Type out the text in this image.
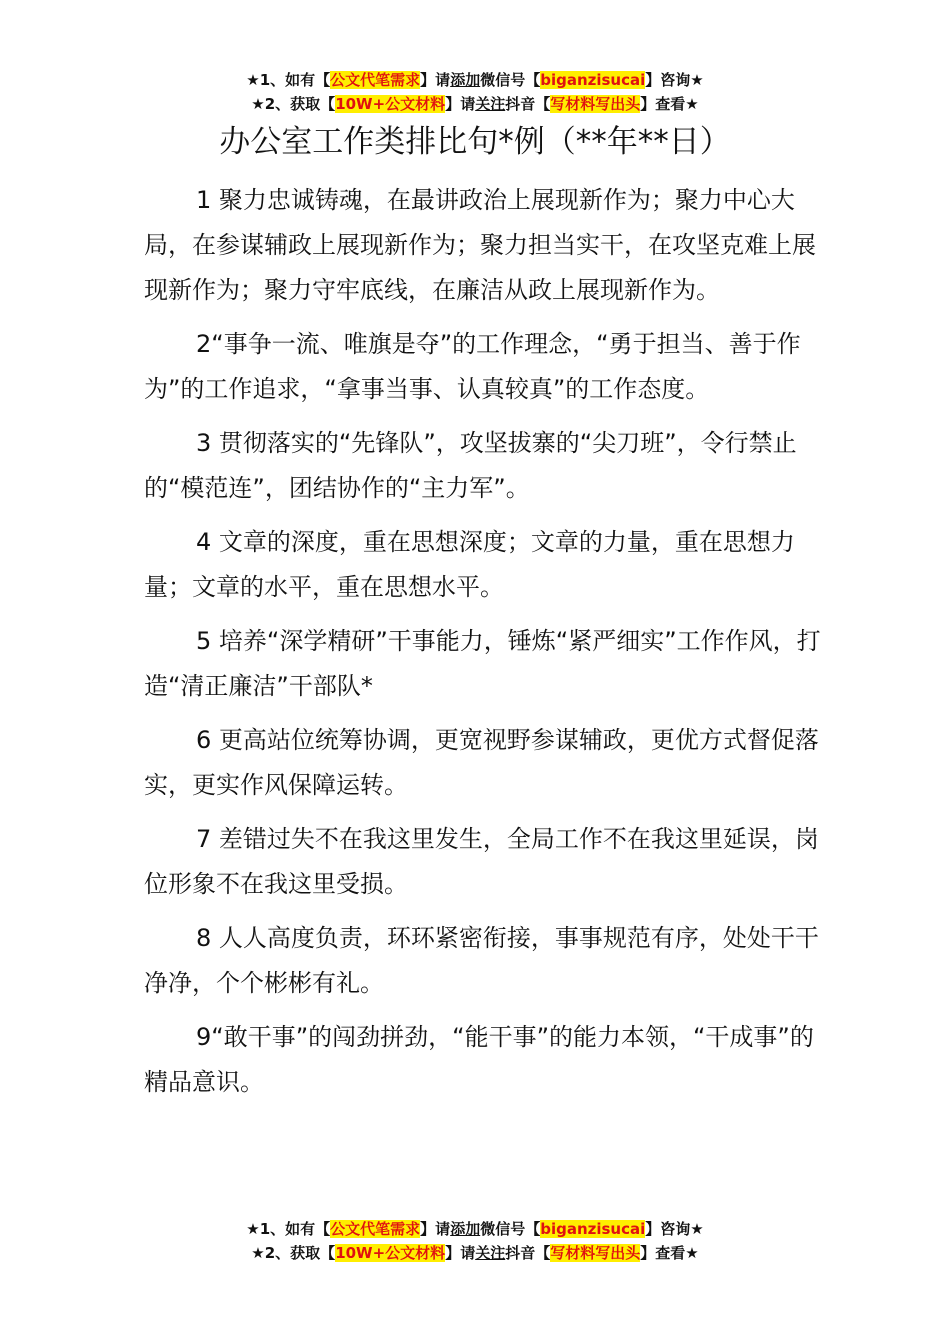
★1、如有【公文代笔需求】请添加微信号【biganzisucai】咨询★
★2、获取【10W+公文材料】请关注抖音【写材料写出头】查看★
办公室工作类排比句*例（**年**日）

1 聚力忠诚铸魂，在最讲政治上展现新作为；聚力中心大局，在参谋辅政上展现新作为；聚力担当实干，在攻坚克难上展现新作为；聚力守牢底线，在廉洁从政上展现新作为。

2“事争一流、唯旗是夺”的工作理念，“勇于担当、善于作为”的工作追求，“拿事当事、认真较真”的工作态度。

3 贯彻落实的“先锋队”，攻坚拔寨的“尖刀班”，令行禁止的“模范连”，团结协作的“主力军”。

4 文章的深度，重在思想深度；文章的力量，重在思想力量；文章的水平，重在思想水平。

5 培养“深学精研”干事能力，锤炼“紧严细实”工作作风，打造“清正廉洁”干部队*

6 更高站位统筹协调，更宽视野参谋辅政，更优方式督促落实，更实作风保障运转。

7 差错过失不在我这里发生，全局工作不在我这里延误，岗位形象不在我这里受损。

8 人人高度负责，环环紧密衔接，事事规范有序，处处干干净净，个个彬彬有礼。

9“敢干事”的闯劲拼劲，“能干事”的能力本领，“干成事”的精品意识。

★1、如有【公文代笔需求】请添加微信号【biganzisucai】咨询★
★2、获取【10W+公文材料】请关注抖音【写材料写出头】查看★
